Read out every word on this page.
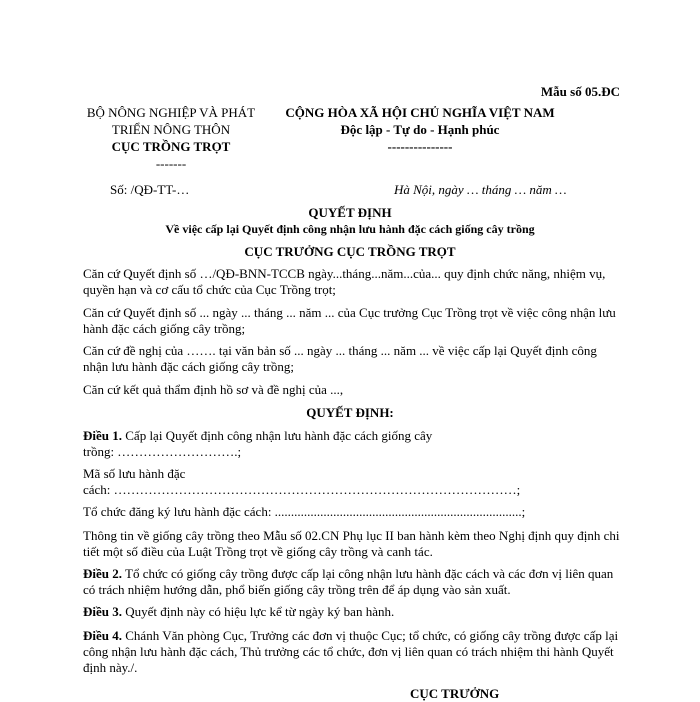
Mẫu số 05.ĐC
BỘ NÔNG NGHIỆP VÀ PHÁT
TRIỂN NÔNG THÔN
CỤC TRỒNG TRỌT
-------
CỘNG HÒA XÃ HỘI CHỦ NGHĨA VIỆT NAM
Độc lập - Tự do - Hạnh phúc
---------------
Số: /QĐ-TT-…	Hà Nội, ngày … tháng … năm …
QUYẾT ĐỊNH
Về việc cấp lại Quyết định công nhận lưu hành đặc cách giống cây trồng
CỤC TRƯỞNG CỤC TRỒNG TRỌT
Căn cứ Quyết định số …/QĐ-BNN-TCCB ngày...tháng...năm...của... quy định chức năng, nhiệm vụ, quyền hạn và cơ cấu tổ chức của Cục Trồng trọt;
Căn cứ Quyết định số ... ngày ... tháng ... năm ... của Cục trưởng Cục Trồng trọt về việc công nhận lưu hành đặc cách giống cây trồng;
Căn cứ đề nghị của ……. tại văn bản số ... ngày ... tháng ... năm ... về việc cấp lại Quyết định công nhận lưu hành đặc cách giống cây trồng;
Căn cứ kết quả thẩm định hồ sơ và đề nghị của ...,
QUYẾT ĐỊNH:
Điều 1. Cấp lại Quyết định công nhận lưu hành đặc cách giống cây
trồng: ……………………….;
Mã số lưu hành đặc
cách: …………………………………………………………………………………;
Tổ chức đăng ký lưu hành đặc cách: ............................................................................;
Thông tin về giống cây trồng theo Mẫu số 02.CN Phụ lục II ban hành kèm theo Nghị định quy định chi tiết một số điều của Luật Trồng trọt về giống cây trồng và canh tác.
Điều 2. Tổ chức có giống cây trồng được cấp lại công nhận lưu hành đặc cách và các đơn vị liên quan có trách nhiệm hướng dẫn, phổ biến giống cây trồng trên để áp dụng vào sản xuất.
Điều 3. Quyết định này có hiệu lực kể từ ngày ký ban hành.
Điều 4. Chánh Văn phòng Cục, Trưởng các đơn vị thuộc Cục; tổ chức, có giống cây trồng được cấp lại công nhận lưu hành đặc cách, Thủ trưởng các tổ chức, đơn vị liên quan có trách nhiệm thi hành Quyết định này./.
CỤC TRƯỞNG
